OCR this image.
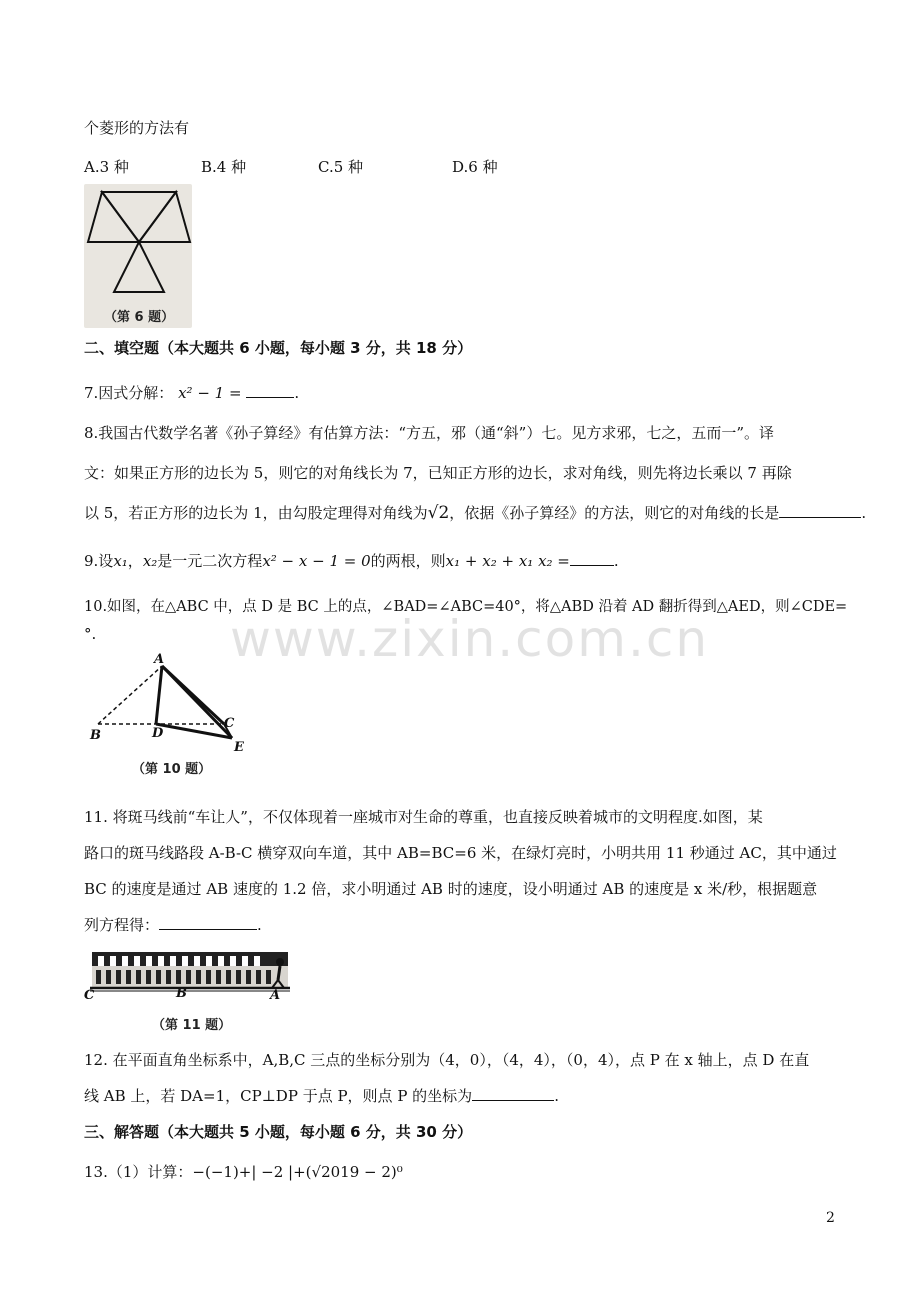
个菱形的方法有
A.3 种	B.4 种	C.5 种	D.6 种
（第 6 题）
二、填空题（本大题共 6 小题，每小题 3 分，共 18 分）
7.因式分解： x² − 1 =	.
8.我国古代数学名著《孙子算经》有估算方法：“方五，邪（通“斜”）七。见方求邪，七之，五而一”。译
文：如果正方形的边长为 5，则它的对角线长为 7，已知正方形的边长，求对角线，则先将边长乘以 7 再除
以 5，若正方形的边长为 1，由勾股定理得对角线为√2，依据《孙子算经》的方法，则它的对角线的长是	.
9.设x₁，x₂是一元二次方程x² − x − 1 = 0的两根，则x₁ + x₂ + x₁ x₂ =	.
10.如图，在△ABC 中，点 D 是 BC 上的点，∠BAD=∠ABC=40°，将△ABD 沿着 AD 翻折得到△AED，则∠CDE=
°.	www.zixin.com.cn
A
B	D
C
E
（第 10 题）
11. 将斑马线前“车让人”，不仅体现着一座城市对生命的尊重，也直接反映着城市的文明程度.如图，某
路口的斑马线路段 A-B-C 横穿双向车道，其中 AB=BC=6 米，在绿灯亮时，小明共用 11 秒通过 AC，其中通过
BC 的速度是通过 AB 速度的 1.2 倍，求小明通过 AB 时的速度，设小明通过 AB 的速度是 x 米/秒，根据题意
列方程得：	.
C	B	A
（第 11 题）
12. 在平面直角坐标系中，A,B,C 三点的坐标分别为（4，0），（4，4），（0，4），点 P 在 x 轴上，点 D 在直
线 AB 上，若 DA=1，CP⊥DP 于点 P，则点 P 的坐标为	.
三、解答题（本大题共 5 小题，每小题 6 分，共 30 分）
13.（1）计算：−(−1)+| −2 |+(√2019 − 2)⁰
2
